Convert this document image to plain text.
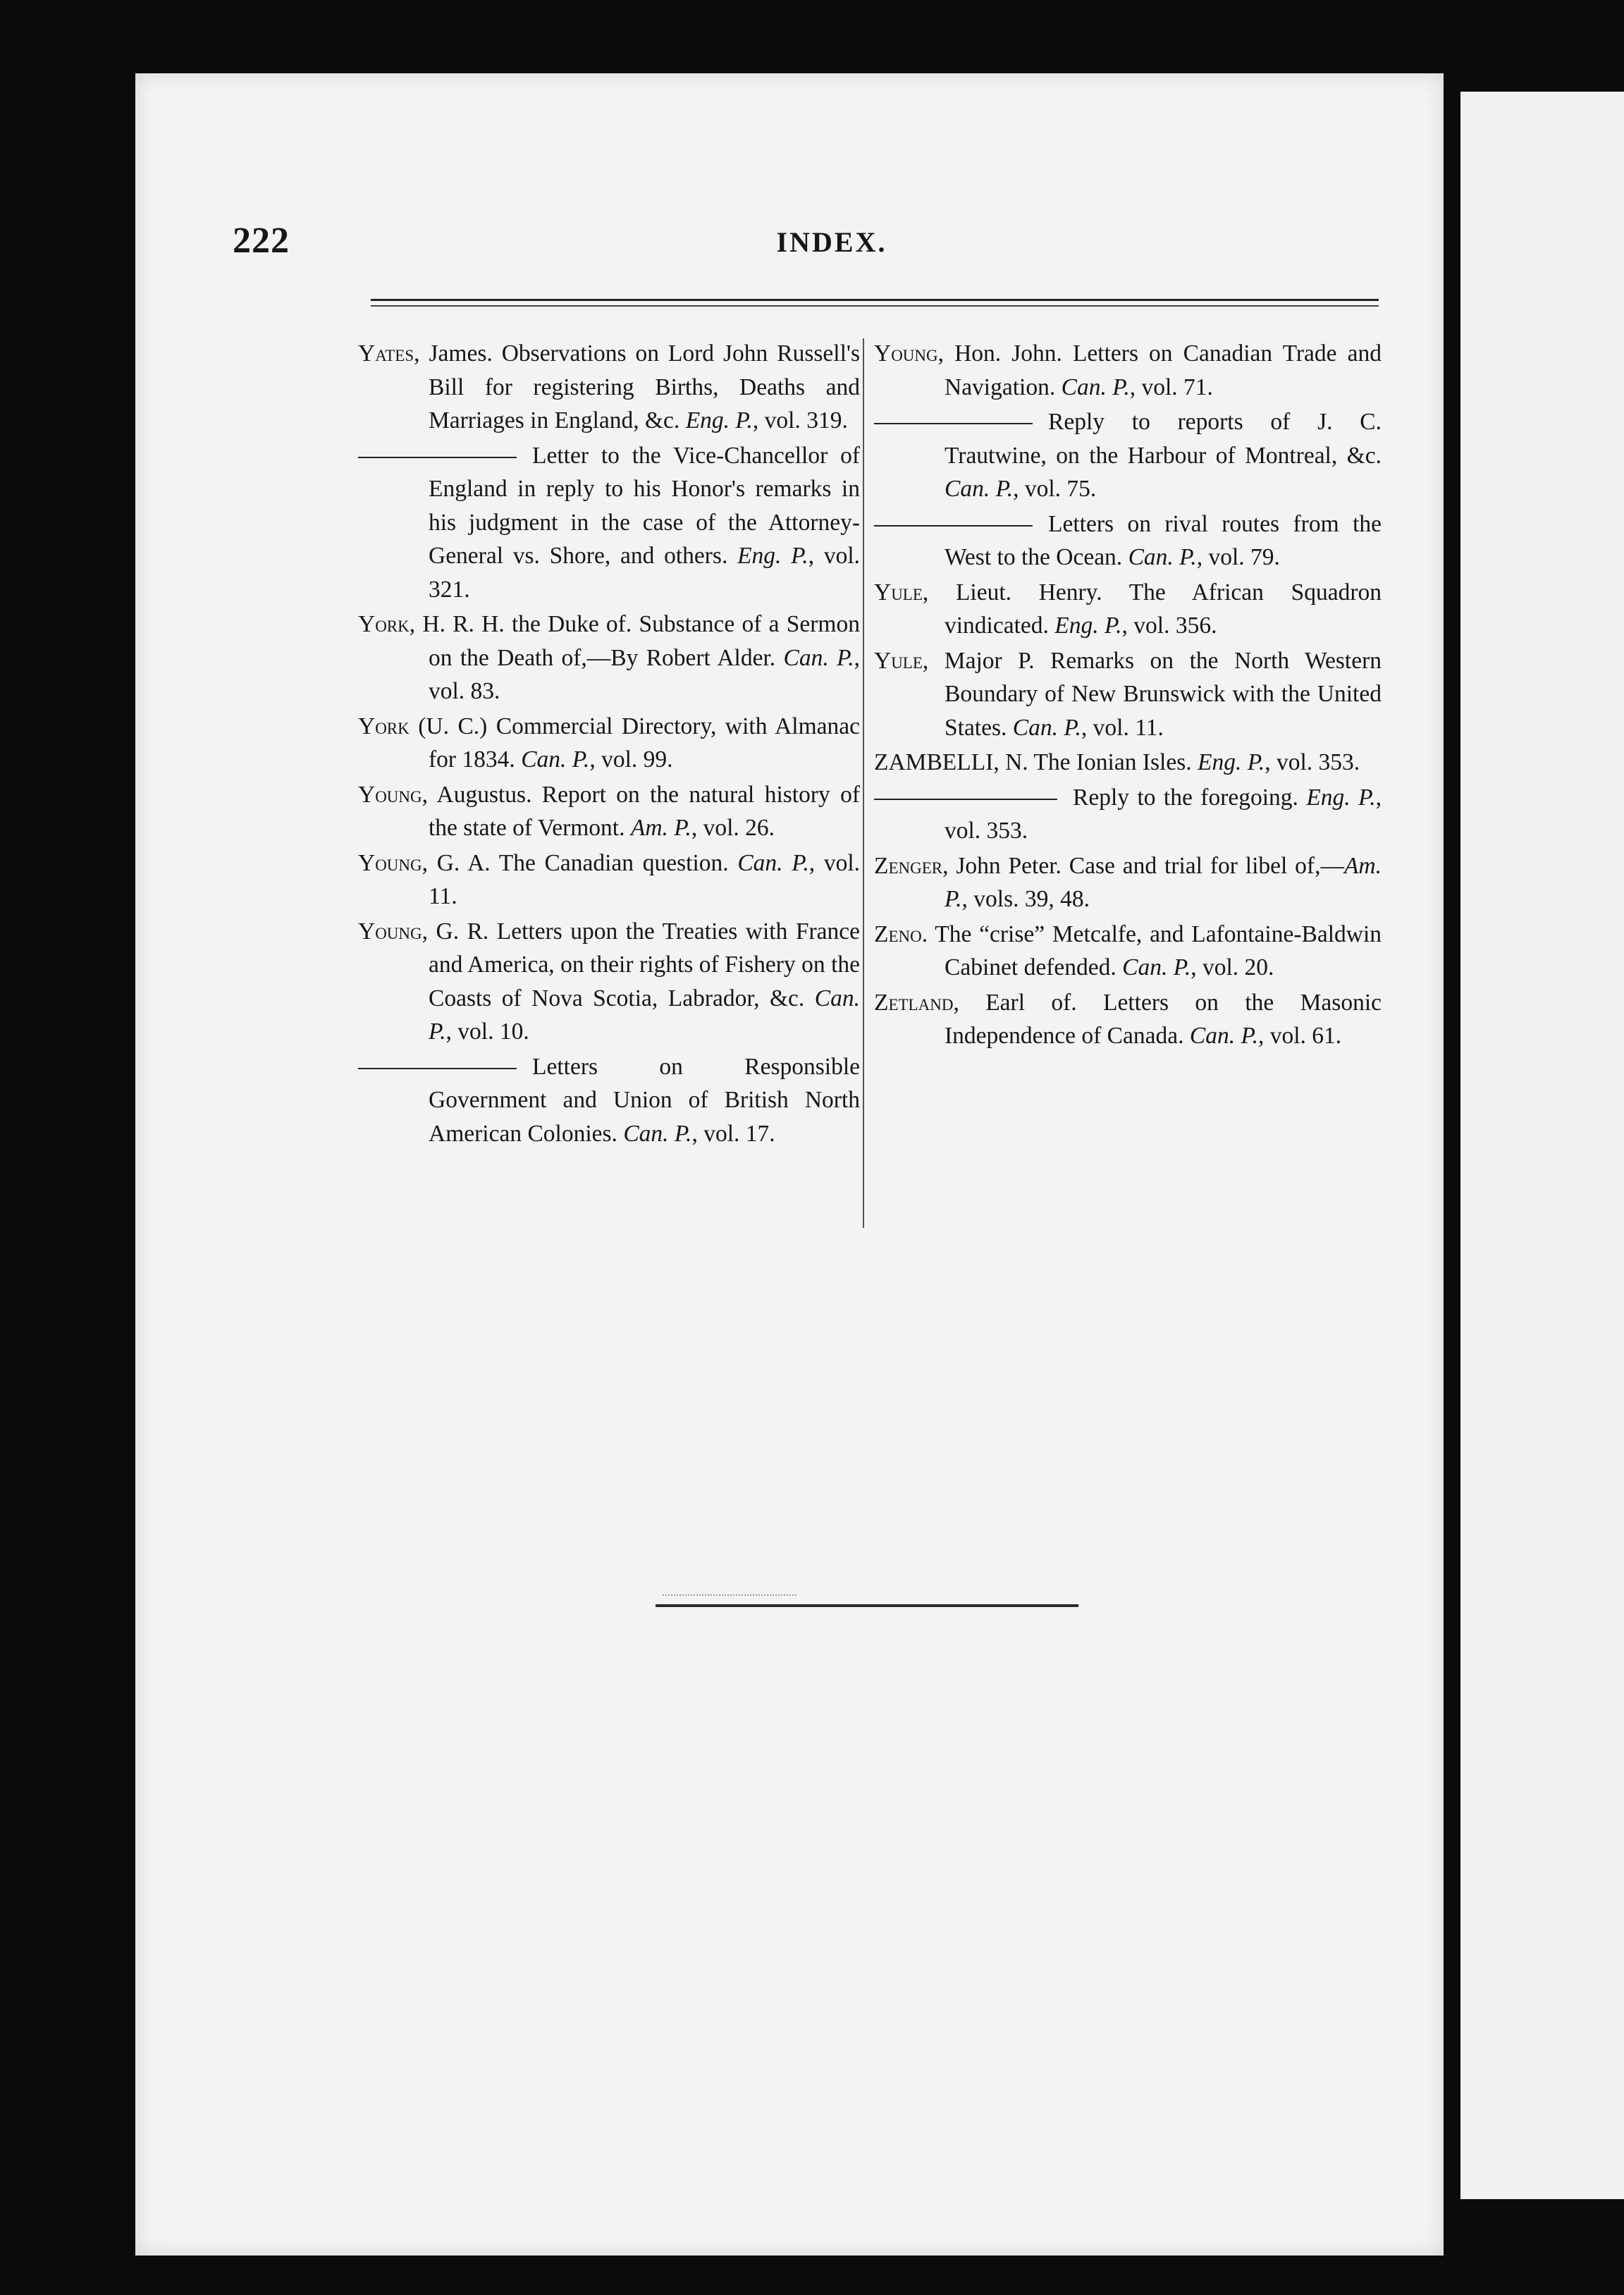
222	INDEX.

Yates, James. Observations on Lord John Russell's Bill for registering Births, Deaths and Marriages in England, &c. Eng. P., vol. 319.

Letter to the Vice-Chancellor of England in reply to his Honor's remarks in his judgment in the case of the Attorney-General vs. Shore, and others. Eng. P., vol. 321.

York, H. R. H. the Duke of. Substance of a Sermon on the Death of,—By Robert Alder. Can. P., vol. 83.

York (U. C.) Commercial Directory, with Almanac for 1834. Can. P., vol. 99.

Young, Augustus. Report on the natural history of the state of Vermont. Am. P., vol. 26.

Young, G. A. The Canadian question. Can. P., vol. 11.

Young, G. R. Letters upon the Treaties with France and America, on their rights of Fishery on the Coasts of Nova Scotia, Labrador, &c. Can. P., vol. 10.

Letters on Responsible Government and Union of British North American Colonies. Can. P., vol. 17.

Young, Hon. John. Letters on Canadian Trade and Navigation. Can. P., vol. 71.

Reply to reports of J. C. Trautwine, on the Harbour of Montreal, &c. Can. P., vol. 75.

Letters on rival routes from the West to the Ocean. Can. P., vol. 79.

Yule, Lieut. Henry. The African Squadron vindicated. Eng. P., vol. 356.

Yule, Major P. Remarks on the North Western Boundary of New Brunswick with the United States. Can. P., vol. 11.

ZAMBELLI, N. The Ionian Isles. Eng. P., vol. 353.

Reply to the foregoing. Eng. P., vol. 353.

Zenger, John Peter. Case and trial for libel of,—Am. P., vols. 39, 48.

Zeno. The “crise” Metcalfe, and Lafontaine-Baldwin Cabinet defended. Can. P., vol. 20.

Zetland, Earl of. Letters on the Masonic Independence of Canada. Can. P., vol. 61.
